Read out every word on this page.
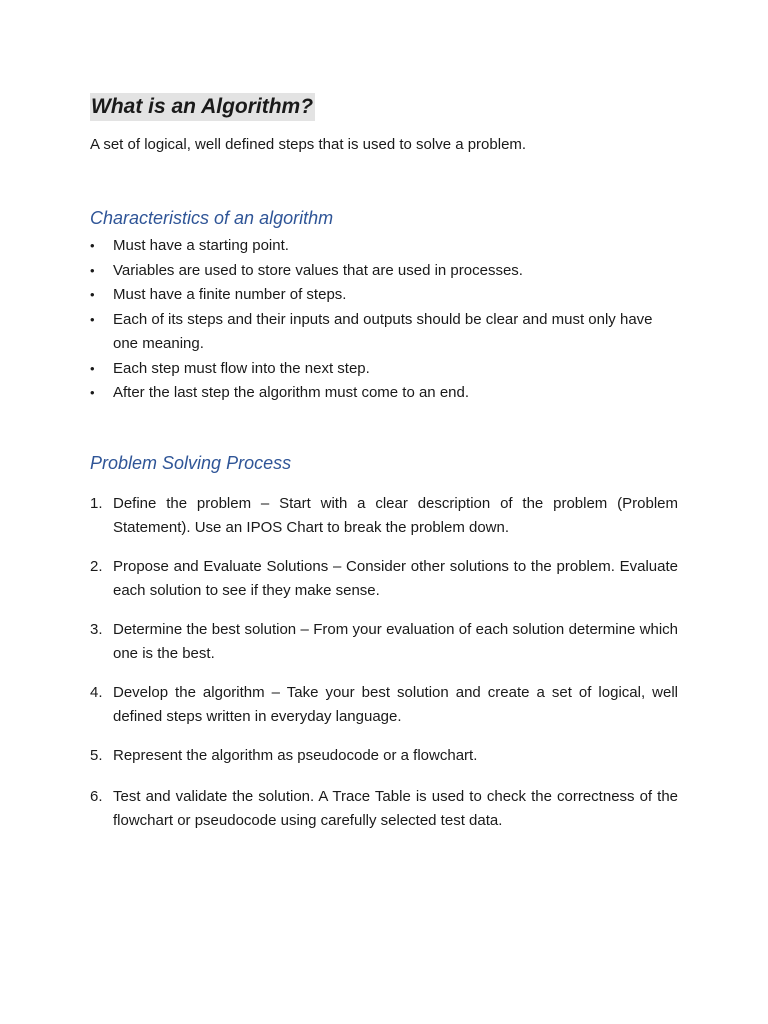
What is an Algorithm?
A set of logical, well defined steps that is used to solve a problem.
Characteristics of an algorithm
• Must have a starting point.
• Variables are used to store values that are used in processes.
• Must have a finite number of steps.
• Each of its steps and their inputs and outputs should be clear and must only have one meaning.
• Each step must flow into the next step.
• After the last step the algorithm must come to an end.
Problem Solving Process
1. Define the problem – Start with a clear description of the problem (Problem Statement). Use an IPOS Chart to break the problem down.
2. Propose and Evaluate Solutions – Consider other solutions to the problem. Evaluate each solution to see if they make sense.
3. Determine the best solution – From your evaluation of each solution determine which one is the best.
4. Develop the algorithm – Take your best solution and create a set of logical, well defined steps written in everyday language.
5. Represent the algorithm as pseudocode or a flowchart.
6. Test and validate the solution. A Trace Table is used to check the correctness of the flowchart or pseudocode using carefully selected test data.
